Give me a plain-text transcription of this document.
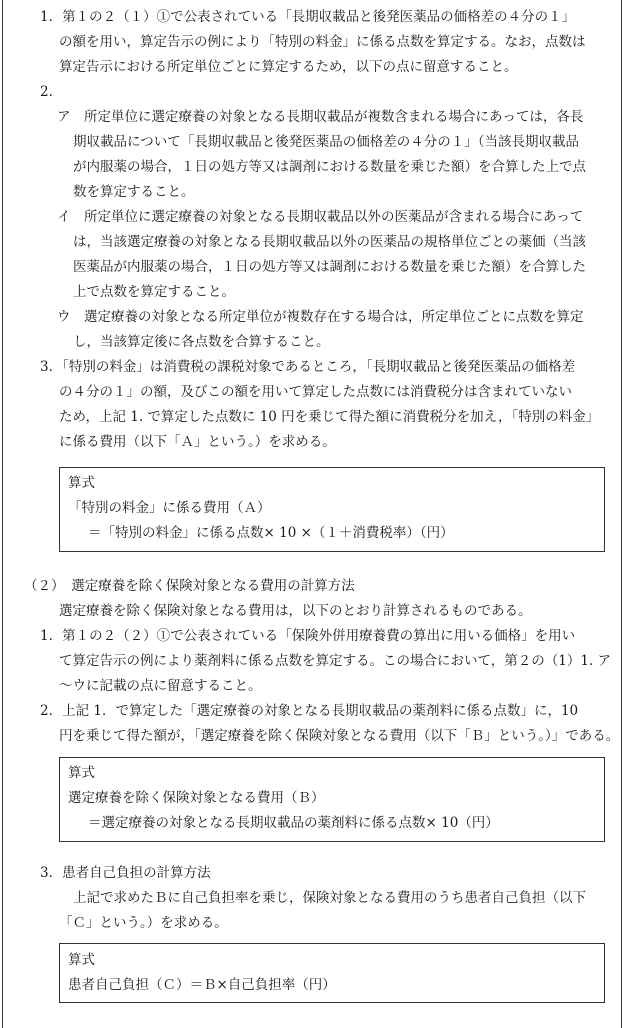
1．第１の２（１）①で公表されている「長期収載品と後発医薬品の価格差の４分の１」
の額を用い，算定告示の例により「特別の料金」に係る点数を算定する。なお，点数は
算定告示における所定単位ごとに算定するため，以下の点に留意すること。
2．
ア　所定単位に選定療養の対象となる長期収載品が複数含まれる場合にあっては，各長
期収載品について「長期収載品と後発医薬品の価格差の４分の１」（当該長期収載品
が内服薬の場合，１日の処方等又は調剤における数量を乗じた額）を合算した上で点
数を算定すること。
イ　所定単位に選定療養の対象となる長期収載品以外の医薬品が含まれる場合にあって
は，当該選定療養の対象となる長期収載品以外の医薬品の規格単位ごとの薬価（当該
医薬品が内服薬の場合，１日の処方等又は調剤における数量を乗じた額）を合算した
上で点数を算定すること。
ウ　選定療養の対象となる所定単位が複数存在する場合は，所定単位ごとに点数を算定
し，当該算定後に各点数を合算すること。
3．「特別の料金」は消費税の課税対象であるところ，「長期収載品と後発医薬品の価格差
の４分の１」の額，及びこの額を用いて算定した点数には消費税分は含まれていない
ため，上記 1. で算定した点数に 10 円を乗じて得た額に消費税分を加え，「特別の料金」
に係る費用（以下「Ａ」という。）を求める。
算式
「特別の料金」に係る費用（Ａ）
＝「特別の料金」に係る点数× 10 ×（１＋消費税率）（円）
（２）　選定療養を除く保険対象となる費用の計算方法
選定療養を除く保険対象となる費用は，以下のとおり計算されるものである。
1．第１の２（２）①で公表されている「保険外併用療養費の算出に用いる価格」を用い
て算定告示の例により薬剤料に係る点数を算定する。この場合において，第２の（1）1. ア
～ウに記載の点に留意すること。
2．上記 1．で算定した「選定療養の対象となる長期収載品の薬剤料に係る点数」に，10
円を乗じて得た額が，「選定療養を除く保険対象となる費用（以下「Ｂ」という。）」である。
算式
選定療養を除く保険対象となる費用（Ｂ）
＝選定療養の対象となる長期収載品の薬剤料に係る点数× 10（円）
3．患者自己負担の計算方法
上記で求めたＢに自己負担率を乗じ，保険対象となる費用のうち患者自己負担（以下
「Ｃ」という。）を求める。
算式
患者自己負担（Ｃ）＝Ｂ×自己負担率（円）
